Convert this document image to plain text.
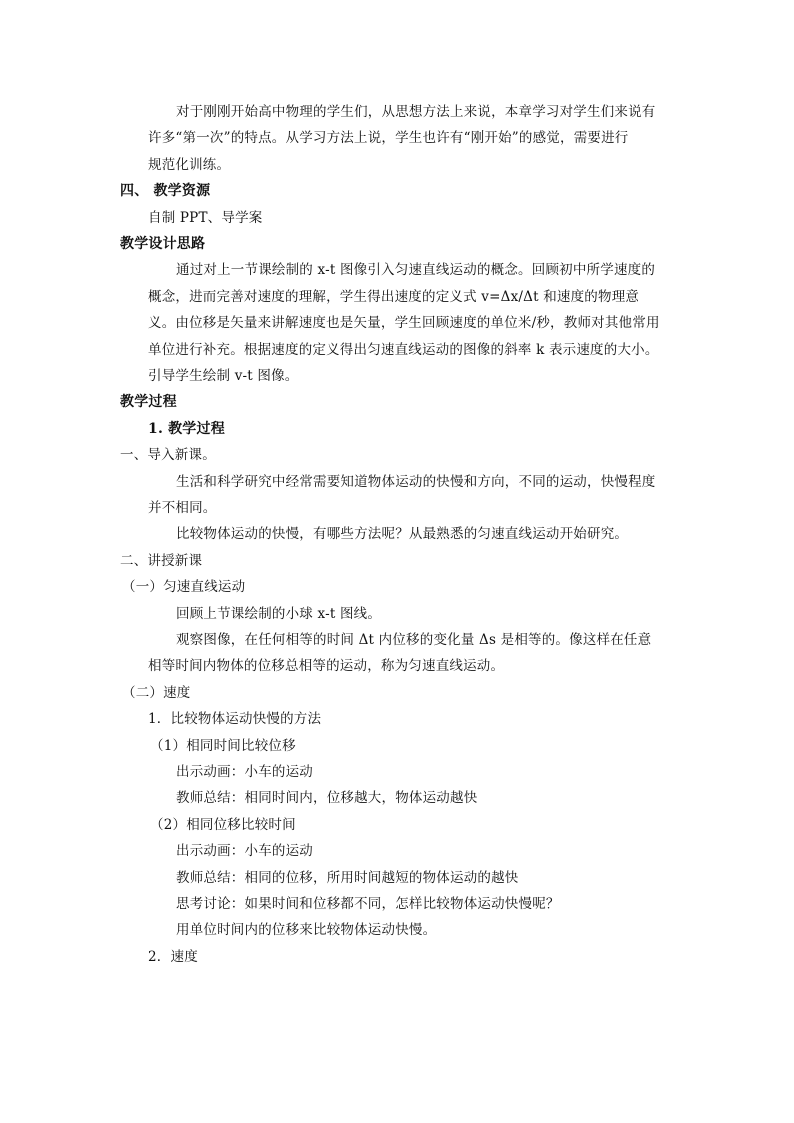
对于刚刚开始高中物理的学生们，从思想方法上来说，本章学习对学生们来说有
许多“第一次”的特点。从学习方法上说，学生也许有“刚开始”的感觉，需要进行
规范化训练。
四、 教学资源
自制 PPT、导学案
教学设计思路
通过对上一节课绘制的 x-t 图像引入匀速直线运动的概念。回顾初中所学速度的
概念，进而完善对速度的理解，学生得出速度的定义式 v=Δx/Δt 和速度的物理意
义。由位移是矢量来讲解速度也是矢量，学生回顾速度的单位米/秒，教师对其他常用
单位进行补充。根据速度的定义得出匀速直线运动的图像的斜率 k 表示速度的大小。
引导学生绘制 v-t 图像。
教学过程
1. 教学过程
一、导入新课。
生活和科学研究中经常需要知道物体运动的快慢和方向，不同的运动，快慢程度
并不相同。
比较物体运动的快慢，有哪些方法呢？从最熟悉的匀速直线运动开始研究。
二、讲授新课
（一）匀速直线运动
回顾上节课绘制的小球 x-t 图线。
观察图像，在任何相等的时间 Δt 内位移的变化量 Δs 是相等的。像这样在任意
相等时间内物体的位移总相等的运动，称为匀速直线运动。
（二）速度
1．比较物体运动快慢的方法
（1）相同时间比较位移
出示动画：小车的运动
教师总结：相同时间内，位移越大，物体运动越快
（2）相同位移比较时间
出示动画：小车的运动
教师总结：相同的位移，所用时间越短的物体运动的越快
思考讨论：如果时间和位移都不同，怎样比较物体运动快慢呢？
用单位时间内的位移来比较物体运动快慢。
2．速度
